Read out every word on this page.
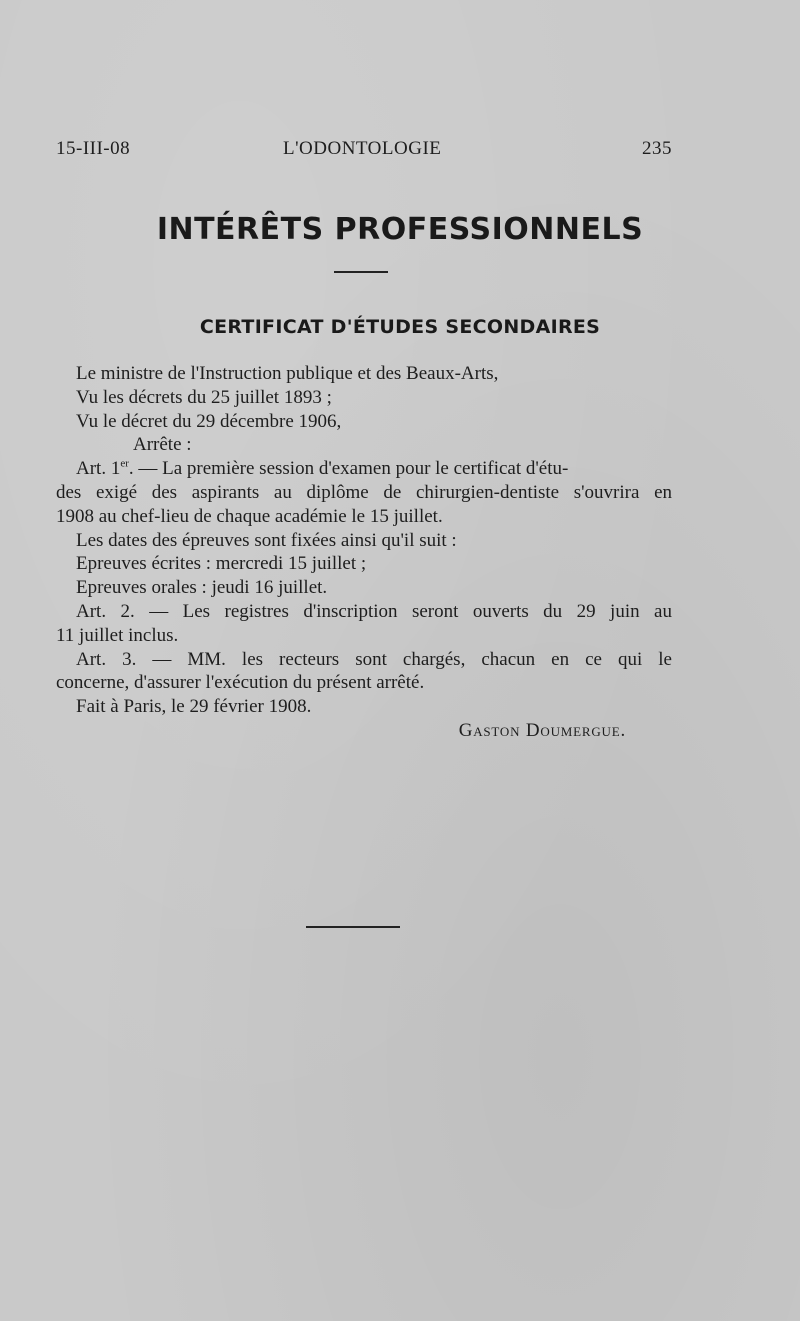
15-III-08	L'ODONTOLOGIE	235
INTÉRÊTS PROFESSIONNELS
CERTIFICAT D'ÉTUDES SECONDAIRES
Le ministre de l'Instruction publique et des Beaux-Arts,
Vu les décrets du 25 juillet 1893 ;
Vu le décret du 29 décembre 1906,
Arrête :
Art. 1er. — La première session d'examen pour le certificat d'étu-
des exigé des aspirants au diplôme de chirurgien-dentiste s'ouvrira en
1908 au chef-lieu de chaque académie le 15 juillet.
Les dates des épreuves sont fixées ainsi qu'il suit :
Epreuves écrites : mercredi 15 juillet ;
Epreuves orales : jeudi 16 juillet.
Art. 2. — Les registres d'inscription seront ouverts du 29 juin au
11 juillet inclus.
Art. 3. — MM. les recteurs sont chargés, chacun en ce qui le
concerne, d'assurer l'exécution du présent arrêté.
Fait à Paris, le 29 février 1908.
Gaston Doumergue.
